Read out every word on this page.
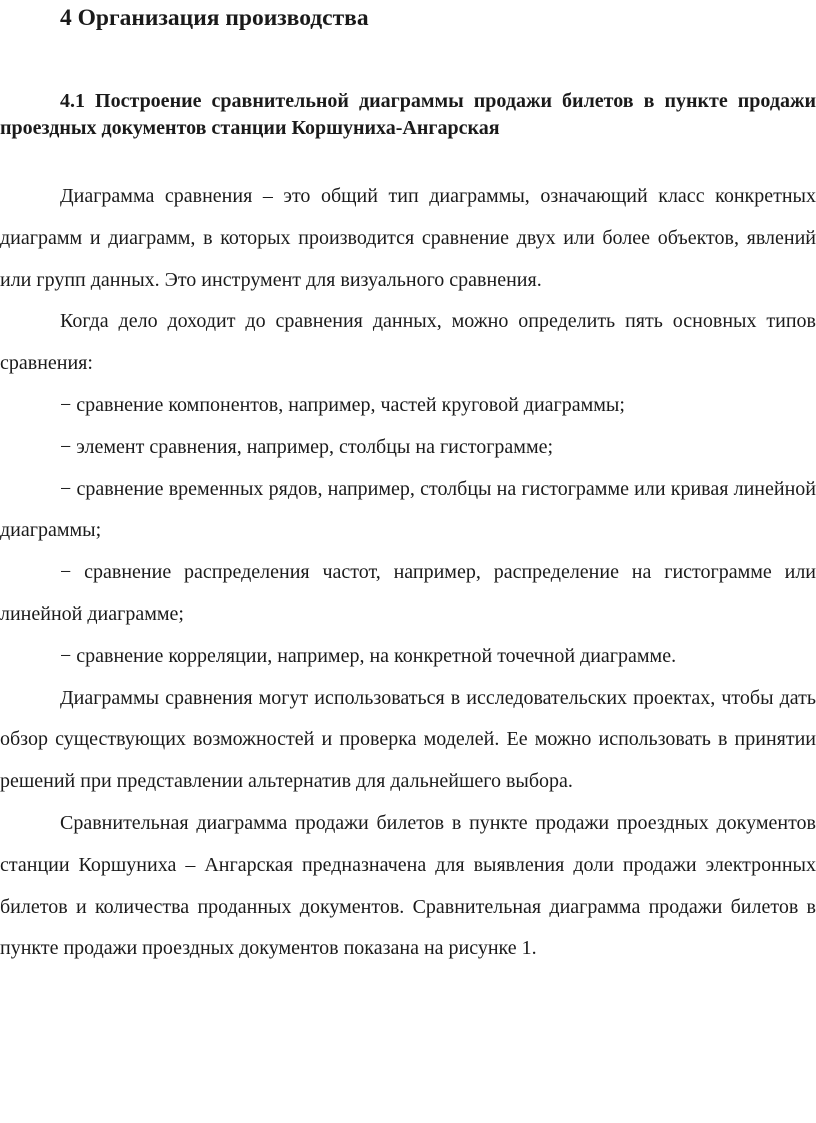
4 Организация производства
4.1 Построение сравнительной диаграммы продажи билетов в пункте продажи проездных документов станции Коршуниха-Ангарская

Диаграмма сравнения – это общий тип диаграммы, означающий класс конкретных диаграмм и диаграмм, в которых производится сравнение двух или более объектов, явлений или групп данных. Это инструмент для визуального сравнения.

Когда дело доходит до сравнения данных, можно определить пять основных типов сравнения:

− сравнение компонентов, например, частей круговой диаграммы;

− элемент сравнения, например, столбцы на гистограмме;

− сравнение временных рядов, например, столбцы на гистограмме или кривая линейной диаграммы;

− сравнение распределения частот, например, распределение на гистограмме или линейной диаграмме;

− сравнение корреляции, например, на конкретной точечной диаграмме.

Диаграммы сравнения могут использоваться в исследовательских проектах, чтобы дать обзор существующих возможностей и проверка моделей. Ее можно использовать в принятии решений при представлении альтернатив для дальнейшего выбора.

Сравнительная диаграмма продажи билетов в пункте продажи проездных документов станции Коршуниха – Ангарская предназначена для выявления доли продажи электронных билетов и количества проданных документов. Сравнительная диаграмма продажи билетов в пункте продажи проездных документов показана на рисунке 1.
